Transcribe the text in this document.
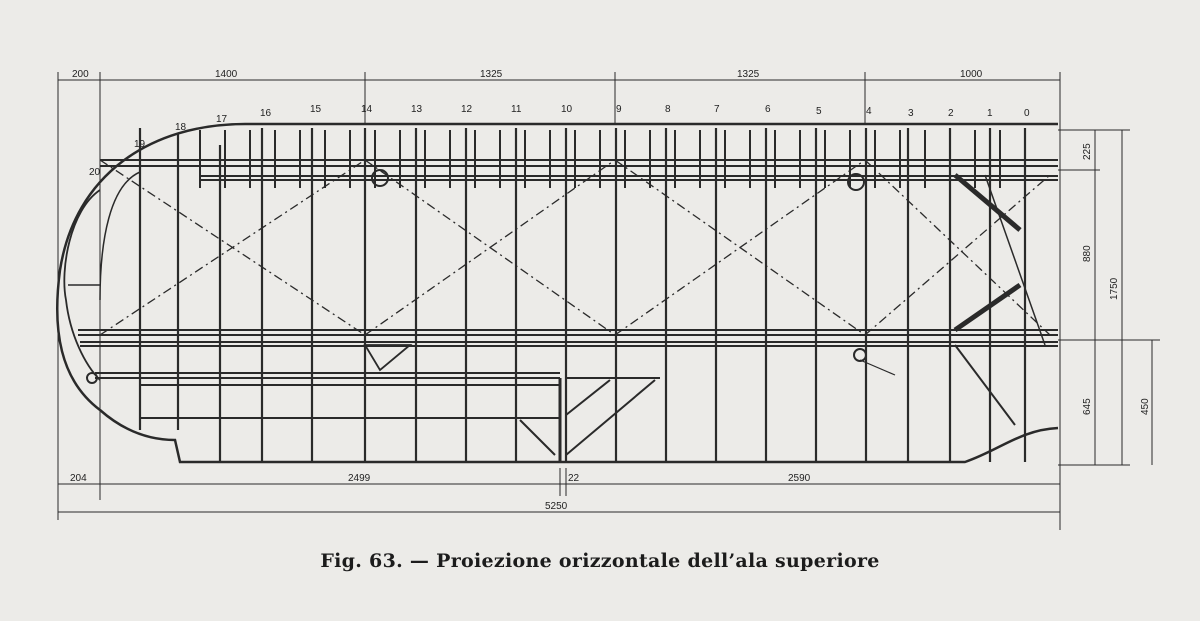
200	1400	1325	1325	1000
204	2499	22	2590
5250
225
880
1750
645	450
20
19
18
17
16	15	14	13	12	11	10	9	8	7	6	5	4	3	2	1	0
Fig. 63. — Proiezione orizzontale dell’ala superiore
